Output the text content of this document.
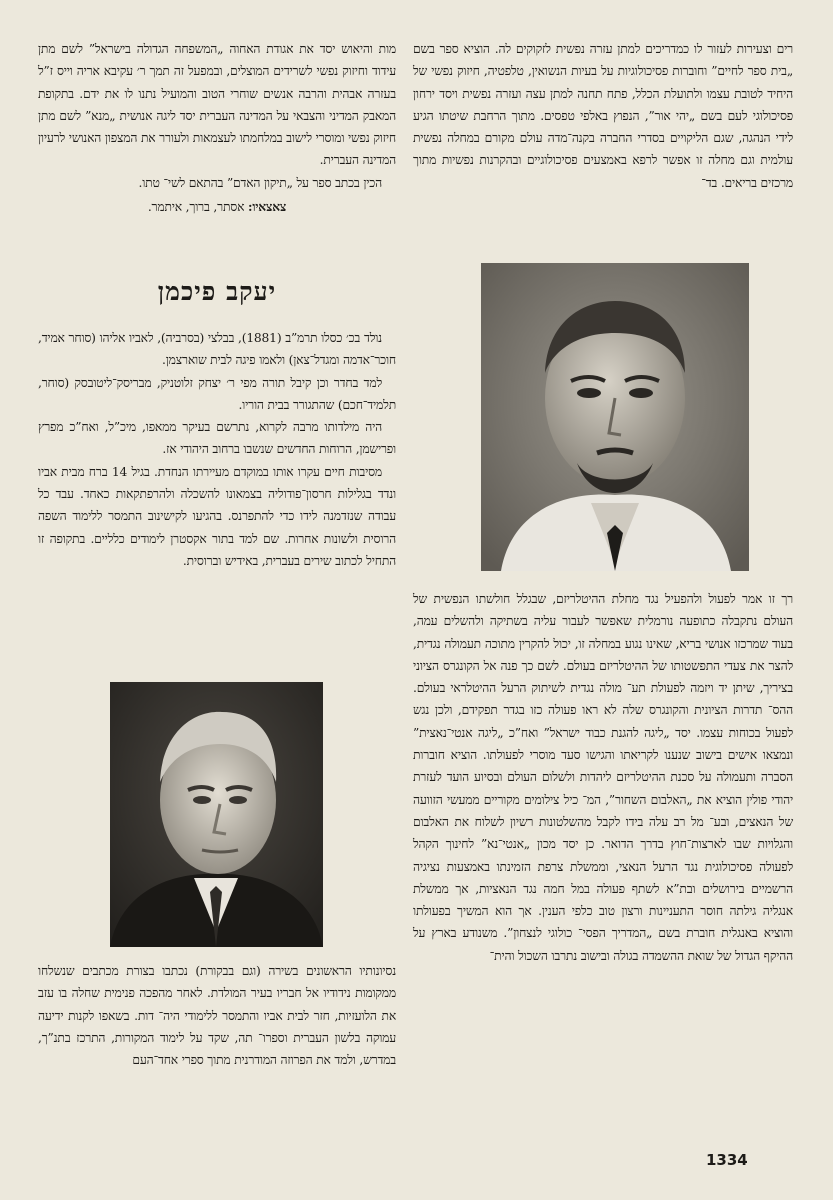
רים וצעירות לעזור לו כמדריכים למתן עזרה נפשית לזקוקים לה. הוציא ספר בשם „בית ספר לחיים” וחוברות פסיכולוגיות על בעיות הנשואין, טלפטיה, חיזוק נפשי של היחיד לטובת עצמו ולתועלת הכלל, פתח תחנה למתן עצה ועזרה נפשית ויסד ירחון פסיכולוגי לעם בשם „יהי אור”, הנפוץ באלפי טפסים. מתוך הרחבת שיטתו הגיע לידי הנהגה, שגם הליקויים בסדרי החברה בקנה־מדה עולם מקורם במחלה נפשית עולמית וגם מחלה זו אפשר לרפא באמצעים פסיכולוגיים ובהקרנות נפשיות מתוך מרכזים בריאים. בד־

רך זו אמר לפעול ולהפעיל נגד מחלת ההיטלריזם, שבגלל חולשתו הנפשית של העולם נתקבלה כתופעה נורמלית שאפשר לעבור עליה בשתיקה ולהשלים עמה, בעוד שמרכזו אנושי בריא, שאינו נגוע במחלה זו, יכול להקרין מתוכה תעמולה נגדית, להצר את צעדי התפשטותו של ההיטלריזם בעולם. לשם כך פנה אל הקונגרס הציוני בציריך, שיתן יד ויזמה לפעולת תע־ מולה נגדית לשיתוק הרעל ההיטלראי בעולם. ההס־ תדרות הציונית והקונגרס שלה לא ראו פעולה כזו בגדר תפקידם, ולכן נגש לפעול בכוחות עצמו. יסד „ליגה להגנת כבוד ישראל” ואח”כ „ליגה אנטי־נאצית” ונמצאו אישים בישוב שנענו לקריאתו והגישו סעד מוסרי לפעולתו. הוציא חוברות הסברה ותעמולה על סכנת ההיטלריזם ליהדות ולשלום העולם ובסיוע הועד לעזרת יהודי פולין הוציא את „האלבום השחור”, המ־ כיל צילומים מקוריים ממעשי הזוועה של הנאצים, ובע־ מל רב עלה בידו לקבל מהשלטונות רשיון לשלוח את האלבום והגלויות שבו לארצות־חוץ בדרך הדואר. כן יסד מכון „אנטי־נא” לחינוך הקהל לפעולה פסיכולוגית נגד הרעל הנאצי, וממשלת צרפת הזמינתו באמצעות נציגיה הרשמיים בירושלים ובת”א לשתף פעולה במל חמה נגד הנאציות, אך ממשלת אנגליה גילתה חוסר התעניינות ורצון טוב כלפי הענין. אך הוא המשיך בפעולתו והוציא באנגלית חוברת בשם „המדריך הפסי־ כולוגי לנצחון”. משנודע בארץ על ההיקף הגדול של שואת ההשמדה בגולה ובישוב נתרבו השכול והית־

מות והיאוש יסד את אגודת האחוה „המשפחה הגדולה בישראל” לשם מתן עידוד וחיזוק נפשי לשרידים המוצלים, ובמפעל זה תמך ר׳ עקיבא אריה וייס ז”ל בעזרה אבהית והרבה אנשים שוחרי הטוב והמועיל נתנו לו את ידם. בתקופת המאבק המדיני והצבאי על המדינה העברית יסד ליגה אנושית „מנא” לשם מתן חיזוק נפשי ומוסרי לישוב במלחמתו לעצמאות ולעורר את המצפון האנושי לרעיון המדינה העברית.

הכין בכתב ספר על „תיקון האדם” בהתאם לשי־ טתו.

צאצאיו: אסתר, ברוך, איתמר.
יעקב פיכמן

נולד בכ׳ כסלו תרמ”ב (1881), בבלצי (בסרביה), לאביו אליהו (סוחר אמיד, חוכר־אדמה ומגדל־צאן) ולאמו פיגה לבית שוארצמן.

למד בחדר וכן קיבל תורה מפי ר׳ יצחק זלוטניק, מבריסק־ליטובסק (סוחר, תלמיד־חכם) שהתגורר בבית הוריו.

היה מילדותו מרבה לקרוא, נתרשם בעיקר ממאפו, מיכ”ל, ואח”כ מפרץ ופרישמן, הרוחות החדשים שנשבו ברחוב היהודי אז.

מסיבות חיים עקרו אותו במוקדם מעיירתו הנחדת. בגיל 14 ברח מבית אביו ונדד בגלילות חרסון־פודוליה בצמאונו להשכלה ולהרפתקאות כאחד. עבד כל עבודה שנזדמנה לידו כדי להתפרנס. בהגיעו לקישינוב התמסר ללימוד השפה הרוסית ולשונות אחרות. שם למד בתור אקסטרן לימודים כלליים. בתקופה זו התחיל לכתוב שירים בעברית, באידיש וברוסית.

נסיונותיו הראשונים בשירה (וגם בבקורת) נכתבו בצורת מכתבים שנשלחו ממקומות נידודיו אל חבריו בעיר המולדת. לאחר מהפכה פנימית שחלה בו עזב את הלועזיות, חזר לבית אביו והתמסר ללימודי היה־ דות. בשאפו לקנות ידיעה עמוקה בלשון העברית וספרו־ תה, שקד על לימוד המקורות, התרכז בתנ”ך, במדרש, ולמד את הפרוזה המודרנית מתוך ספרי אחד־העם

1334
